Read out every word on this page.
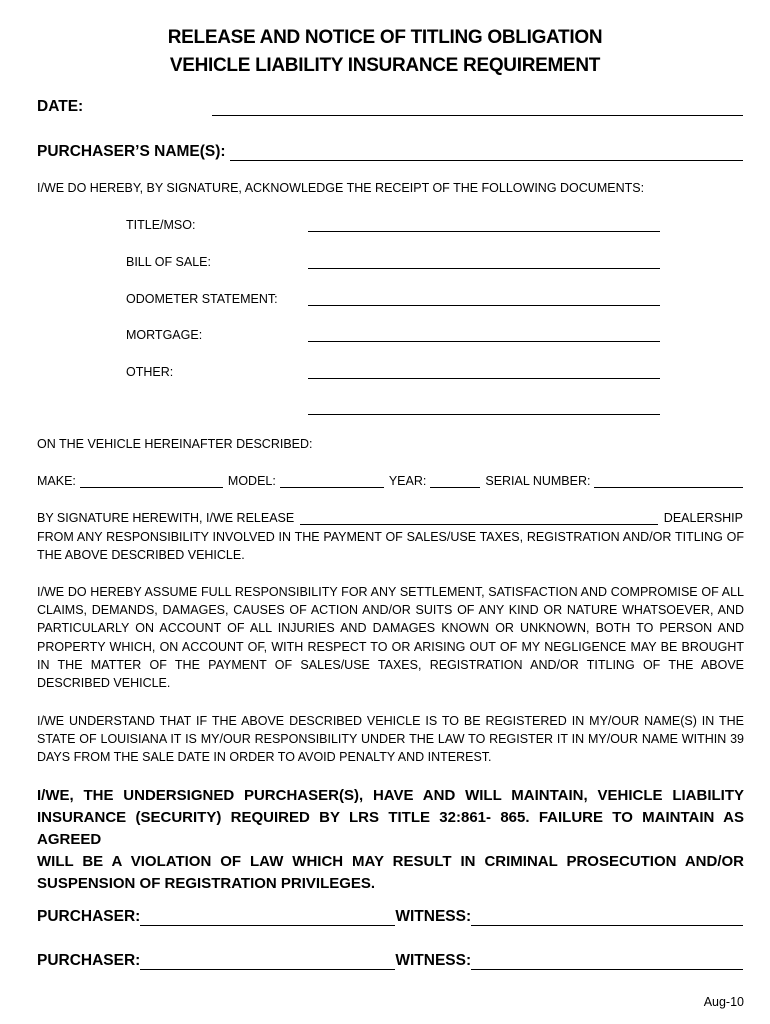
RELEASE AND NOTICE OF TITLING OBLIGATION
VEHICLE LIABILITY INSURANCE REQUIREMENT
DATE:
PURCHASER’S NAME(S):
I/WE DO HEREBY, BY SIGNATURE, ACKNOWLEDGE THE RECEIPT OF THE FOLLOWING DOCUMENTS:
TITLE/MSO:
BILL OF SALE:
ODOMETER STATEMENT:
MORTGAGE:
OTHER:
ON THE VEHICLE HEREINAFTER DESCRIBED:
MAKE:	MODEL:	YEAR:	SERIAL NUMBER:
BY SIGNATURE HEREWITH, I/WE RELEASE	DEALERSHIP
FROM ANY RESPONSIBILITY INVOLVED IN THE PAYMENT OF SALES/USE TAXES, REGISTRATION AND/OR TITLING OF
THE ABOVE DESCRIBED VEHICLE.
I/WE DO HEREBY ASSUME FULL RESPONSIBILITY FOR ANY SETTLEMENT, SATISFACTION AND COMPROMISE OF ALL
CLAIMS, DEMANDS, DAMAGES, CAUSES OF ACTION AND/OR SUITS OF ANY KIND OR NATURE WHATSOEVER, AND
PARTICULARLY ON ACCOUNT OF ALL INJURIES AND DAMAGES KNOWN OR UNKNOWN, BOTH TO PERSON AND
PROPERTY WHICH, ON ACCOUNT OF, WITH RESPECT TO OR ARISING OUT OF MY NEGLIGENCE MAY BE BROUGHT
IN THE MATTER OF THE PAYMENT OF SALES/USE TAXES, REGISTRATION AND/OR TITLING OF THE ABOVE
DESCRIBED VEHICLE.
I/WE UNDERSTAND THAT IF THE ABOVE DESCRIBED VEHICLE IS TO BE REGISTERED IN MY/OUR NAME(S) IN THE
STATE OF LOUISIANA IT IS MY/OUR RESPONSIBILITY UNDER THE LAW TO REGISTER IT IN MY/OUR NAME WITHIN 39
DAYS FROM THE SALE DATE IN ORDER TO AVOID PENALTY AND INTEREST.
I/WE, THE UNDERSIGNED PURCHASER(S), HAVE AND WILL MAINTAIN, VEHICLE LIABILITY
INSURANCE (SECURITY) REQUIRED BY LRS TITLE 32:861- 865. FAILURE TO MAINTAIN AS AGREED
WILL BE A VIOLATION OF LAW WHICH MAY RESULT IN CRIMINAL PROSECUTION AND/OR
SUSPENSION OF REGISTRATION PRIVILEGES.
PURCHASER:	WITNESS:
PURCHASER:	WITNESS:
Aug-10
